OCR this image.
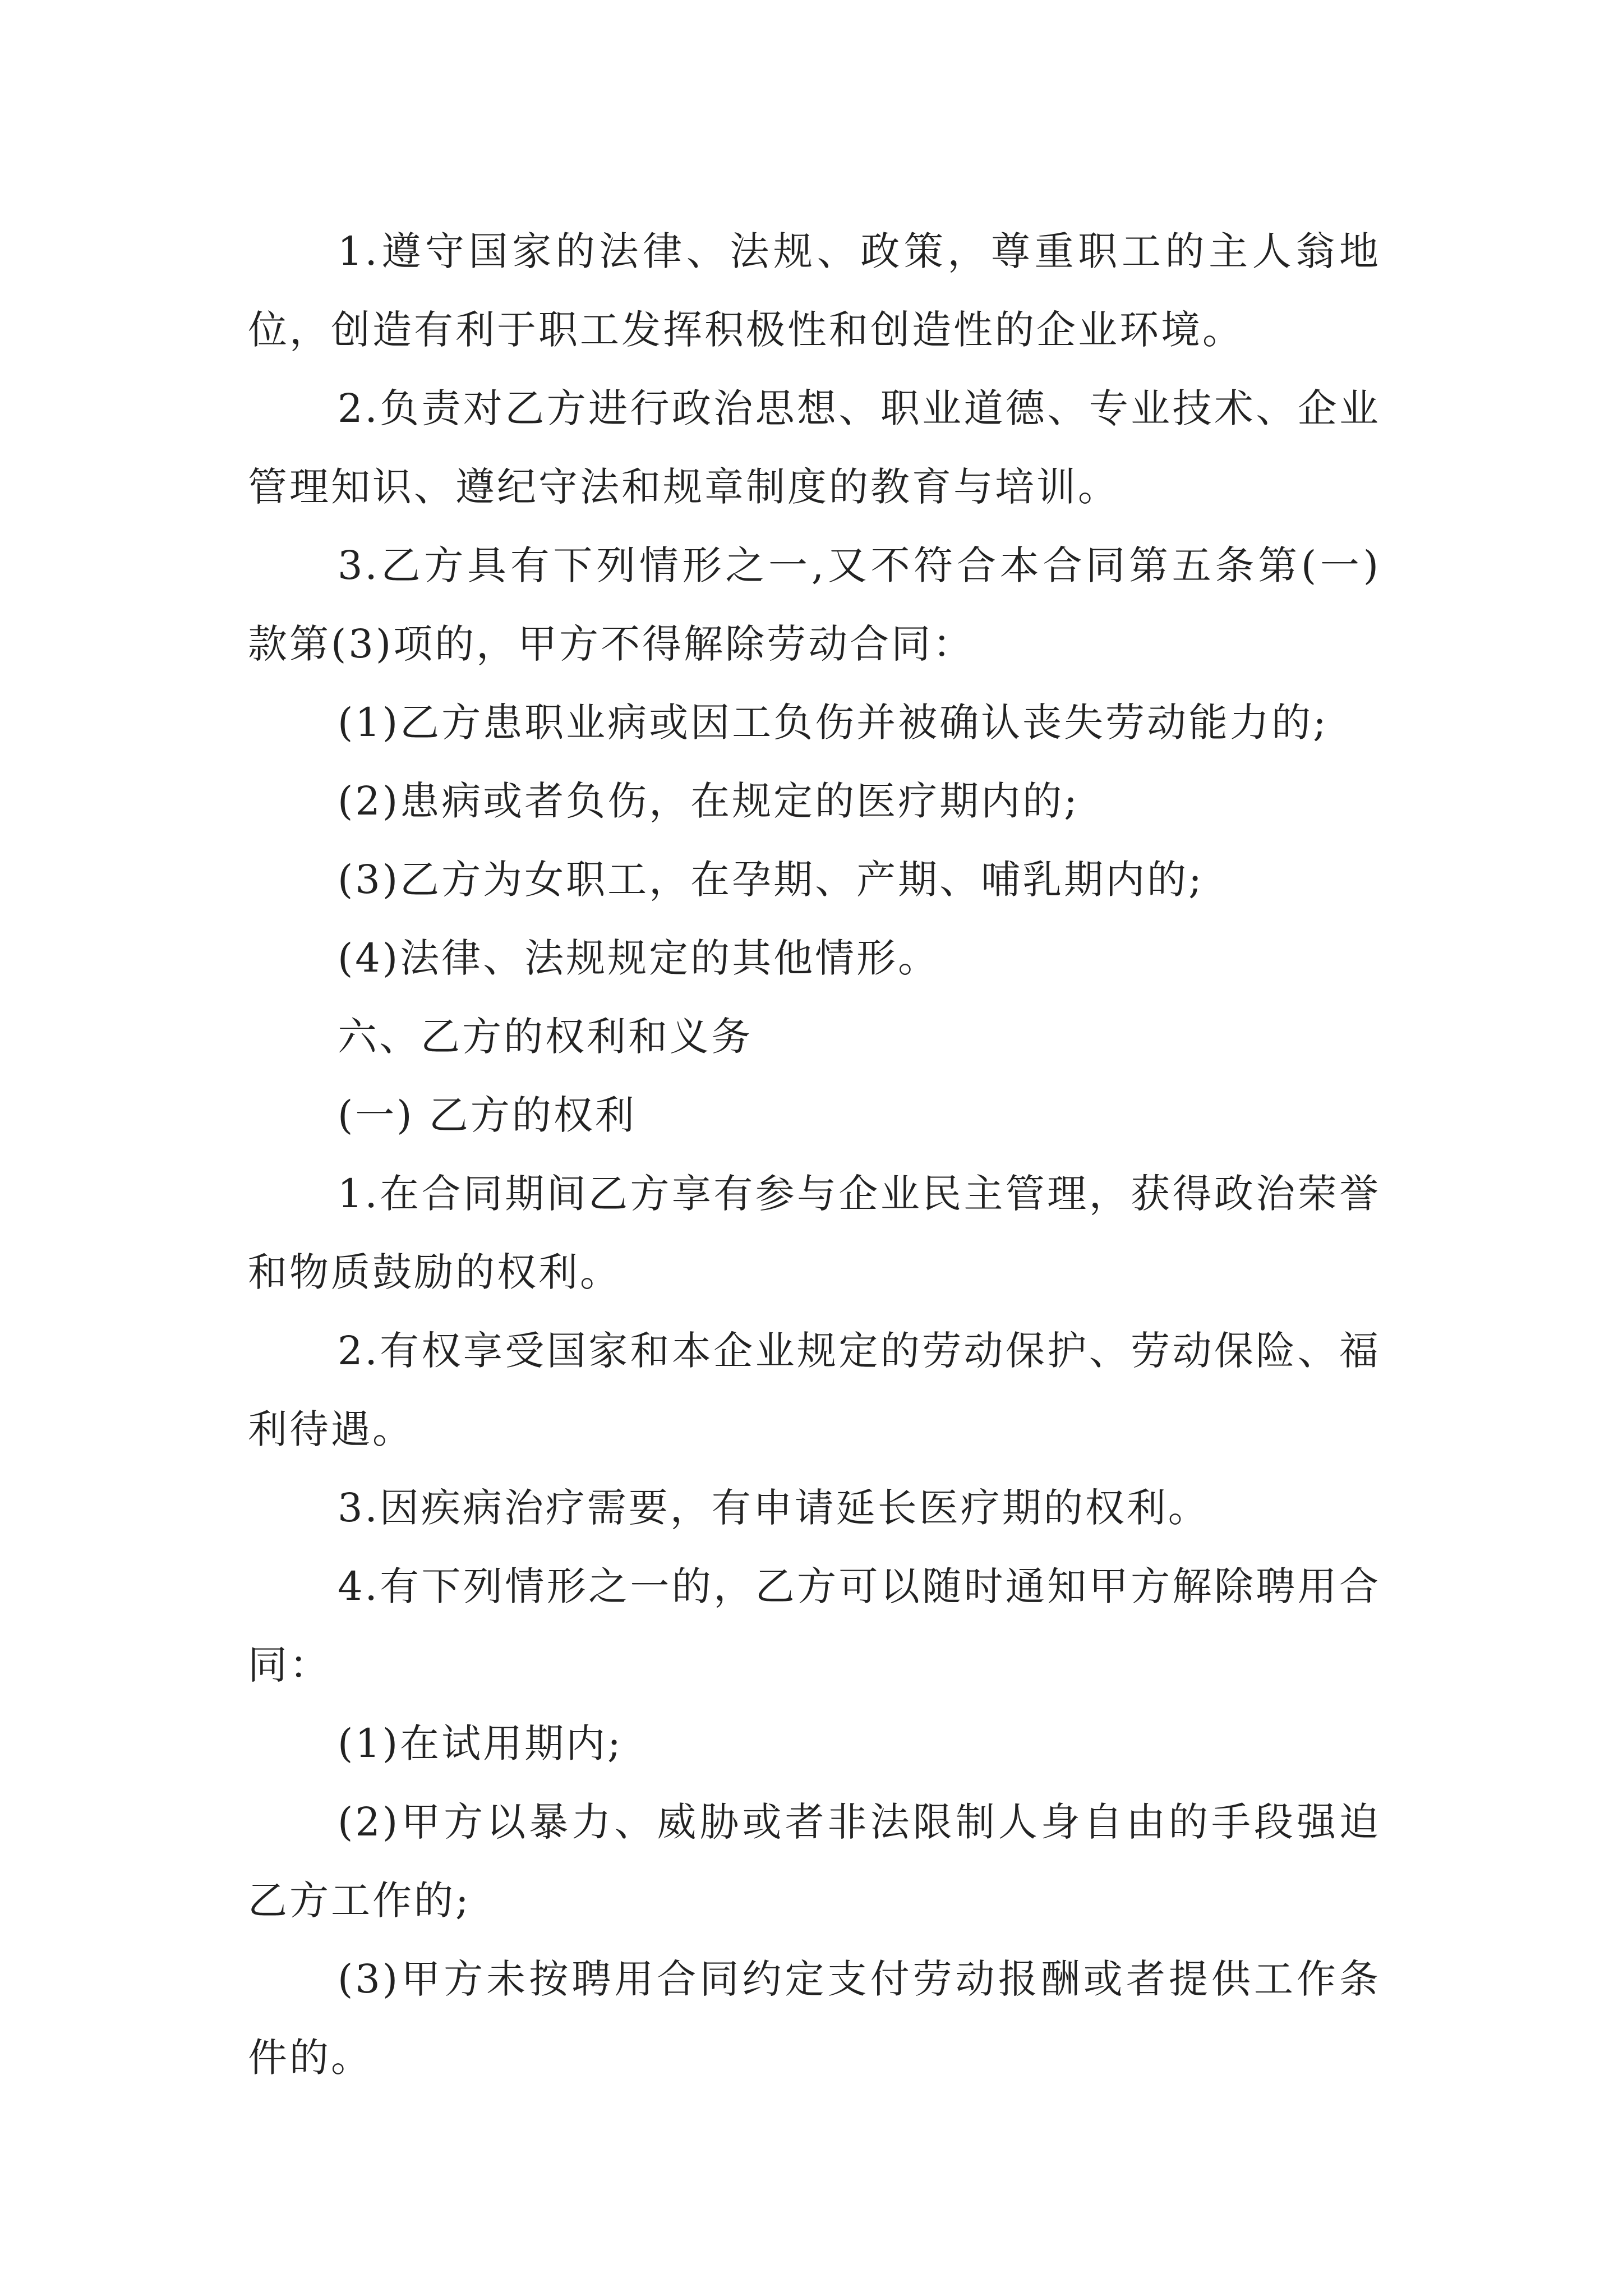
1.遵守国家的法律、法规、政策，尊重职工的主人翁地位，创造有利于职工发挥积极性和创造性的企业环境。

2.负责对乙方进行政治思想、职业道德、专业技术、企业管理知识、遵纪守法和规章制度的教育与培训。

3.乙方具有下列情形之一,又不符合本合同第五条第(一)款第(3)项的，甲方不得解除劳动合同：

(1)乙方患职业病或因工负伤并被确认丧失劳动能力的;

(2)患病或者负伤，在规定的医疗期内的;

(3)乙方为女职工，在孕期、产期、哺乳期内的;

(4)法律、法规规定的其他情形。

六、乙方的权利和义务

(一) 乙方的权利

1.在合同期间乙方享有参与企业民主管理，获得政治荣誉和物质鼓励的权利。

2.有权享受国家和本企业规定的劳动保护、劳动保险、福利待遇。

3.因疾病治疗需要，有申请延长医疗期的权利。

4.有下列情形之一的，乙方可以随时通知甲方解除聘用合同：

(1)在试用期内;

(2)甲方以暴力、威胁或者非法限制人身自由的手段强迫乙方工作的;

(3)甲方未按聘用合同约定支付劳动报酬或者提供工作条件的。
